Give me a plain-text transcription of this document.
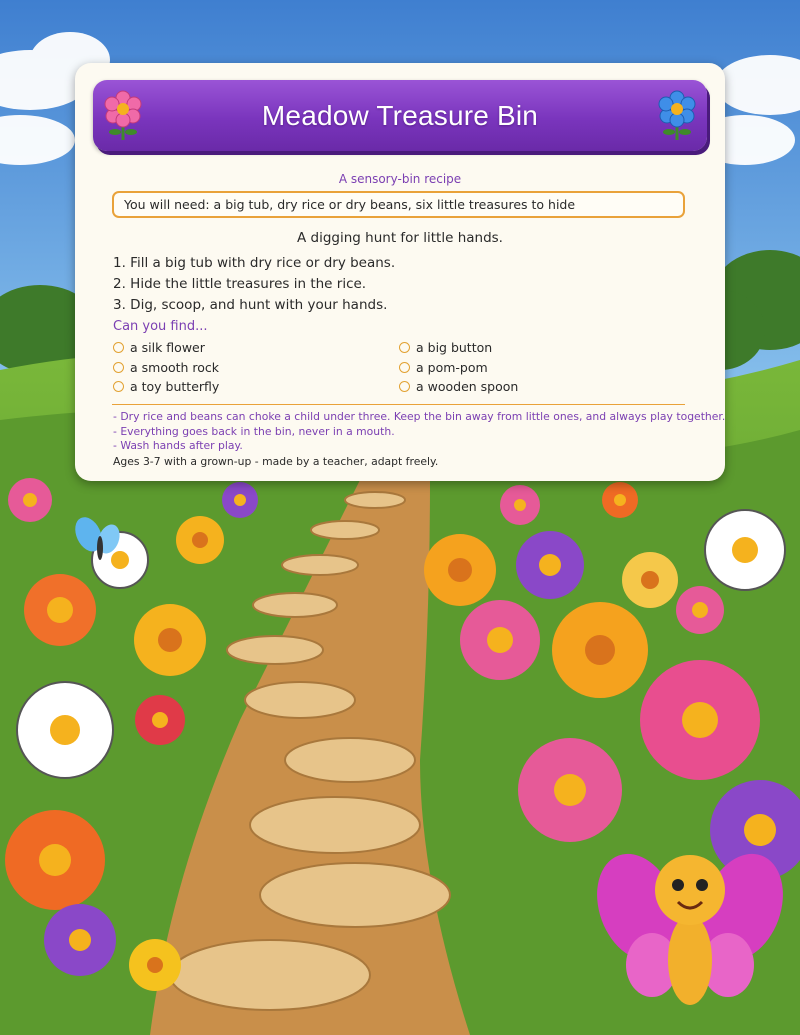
Meadow Treasure Bin
A sensory-bin recipe
You will need: a big tub, dry rice or dry beans, six little treasures to hide
A digging hunt for little hands.
1. Fill a big tub with dry rice or dry beans.
2. Hide the little treasures in the rice.
3. Dig, scoop, and hunt with your hands.
Can you find...
a silk flower	a big button
a smooth rock	a pom-pom
a toy butterfly	a wooden spoon
- Dry rice and beans can choke a child under three. Keep the bin away from little ones, and always play together.
- Everything goes back in the bin, never in a mouth.
- Wash hands after play.
Ages 3-7 with a grown-up - made by a teacher, adapt freely.
